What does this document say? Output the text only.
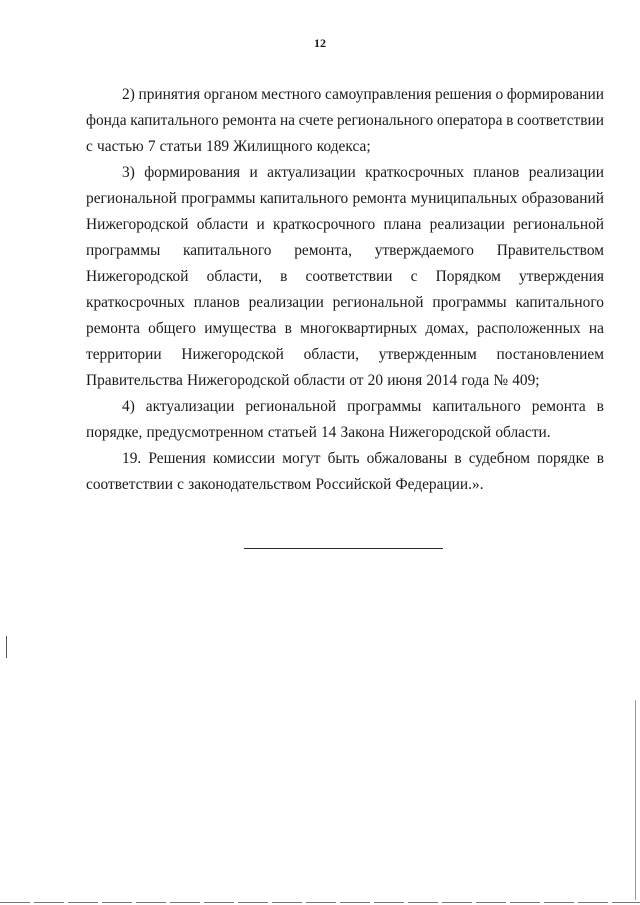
12
2) принятия органом местного самоуправления решения о формировании
фонда капитального ремонта на счете регионального оператора в соответствии
с частью 7 статьи 189 Жилищного кодекса;
3) формирования и актуализации краткосрочных планов реализации
региональной программы капитального ремонта муниципальных образований
Нижегородской области и краткосрочного плана реализации региональной
программы капитального ремонта, утверждаемого Правительством
Нижегородской области, в соответствии с Порядком утверждения
краткосрочных планов реализации региональной программы капитального
ремонта общего имущества в многоквартирных домах, расположенных на
территории Нижегородской области, утвержденным постановлением
Правительства Нижегородской области от 20 июня 2014 года № 409;
4) актуализации региональной программы капитального ремонта в
порядке, предусмотренном статьей 14 Закона Нижегородской области.
19. Решения комиссии могут быть обжалованы в судебном порядке в
соответствии с законодательством Российской Федерации.».
